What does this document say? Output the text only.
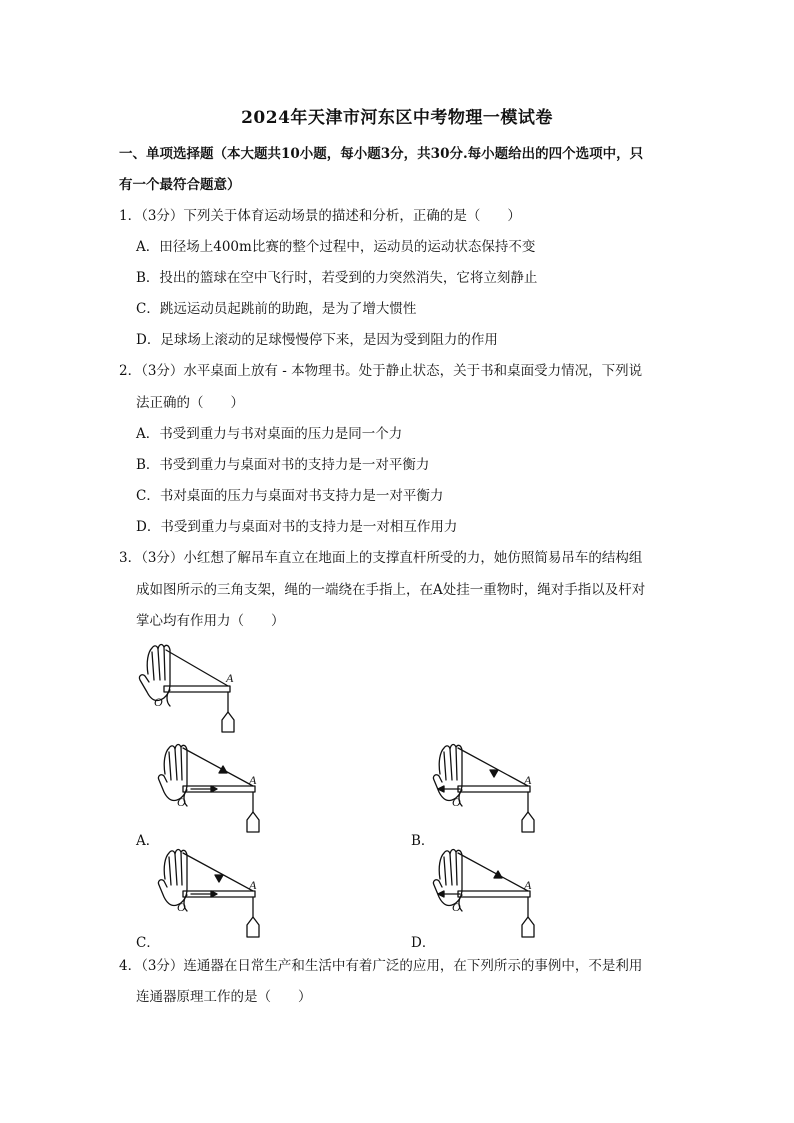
2024年天津市河东区中考物理一模试卷
一、单项选择题（本大题共10小题，每小题3分，共30分.每小题给出的四个选项中，只
有一个最符合题意）
1．（3分）下列关于体育运动场景的描述和分析，正确的是（　　）
A．田径场上400m比赛的整个过程中，运动员的运动状态保持不变
B．投出的篮球在空中飞行时，若受到的力突然消失，它将立刻静止
C．跳远运动员起跳前的助跑，是为了增大惯性
D．足球场上滚动的足球慢慢停下来，是因为受到阻力的作用
2．（3分）水平桌面上放有 - 本物理书。处于静止状态，关于书和桌面受力情况，下列说
法正确的（　　）
A．书受到重力与书对桌面的压力是同一个力
B．书受到重力与桌面对书的支持力是一对平衡力
C．书对桌面的压力与桌面对书支持力是一对平衡力
D．书受到重力与桌面对书的支持力是一对相互作用力
3．（3分）小红想了解吊车直立在地面上的支撑直杆所受的力，她仿照简易吊车的结构组
成如图所示的三角支架，绳的一端绕在手指上，在A处挂一重物时，绳对手指以及杆对
掌心均有作用力（　　）
A
O
A
O
A．
A
O
B．
A
O
C．
A
O
D．
4．（3分）连通器在日常生产和生活中有着广泛的应用，在下列所示的事例中，不是利用
连通器原理工作的是（　　）
